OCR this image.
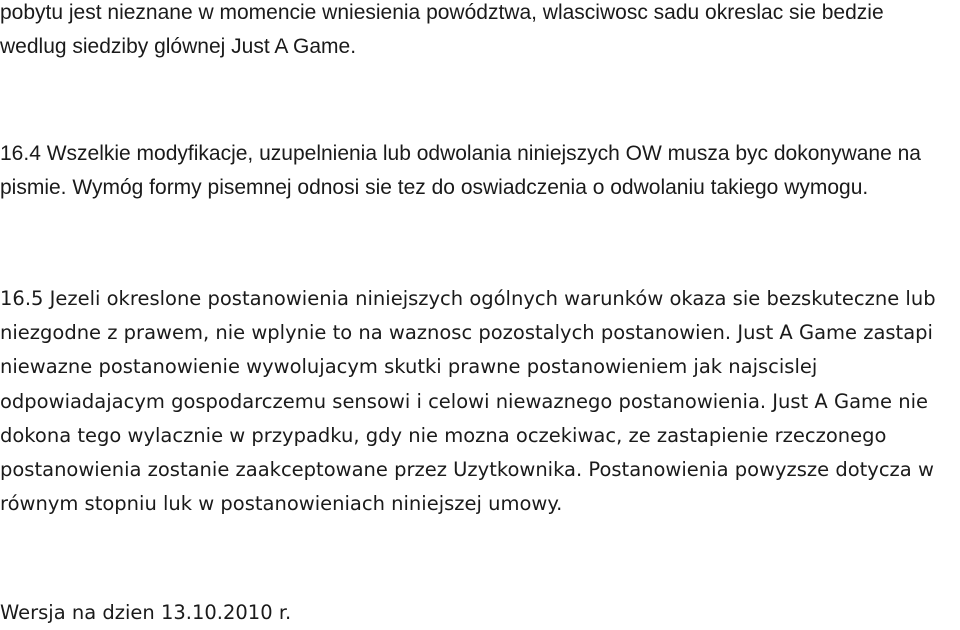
pobytu jest nieznane w momencie wniesienia powództwa, wlasciwosc sadu okreslac sie bedzie
wedlug siedziby glównej Just A Game.

16.4 Wszelkie modyfikacje, uzupelnienia lub odwolania niniejszych OW musza byc dokonywane na
pismie. Wymóg formy pisemnej odnosi sie tez do oswiadczenia o odwolaniu takiego wymogu.

16.5 Jezeli okreslone postanowienia niniejszych ogólnych warunków okaza sie bezskuteczne lub
niezgodne z prawem, nie wplynie to na waznosc pozostalych postanowien. Just A Game zastapi
niewazne postanowienie wywolujacym skutki prawne postanowieniem jak najscislej
odpowiadajacym gospodarczemu sensowi i celowi niewaznego postanowienia. Just A Game nie
dokona tego wylacznie w przypadku, gdy nie mozna oczekiwac, ze zastapienie rzeczonego
postanowienia zostanie zaakceptowane przez Uzytkownika. Postanowienia powyzsze dotycza w
równym stopniu luk w postanowieniach niniejszej umowy.

Wersja na dzien 13.10.2010 r.
